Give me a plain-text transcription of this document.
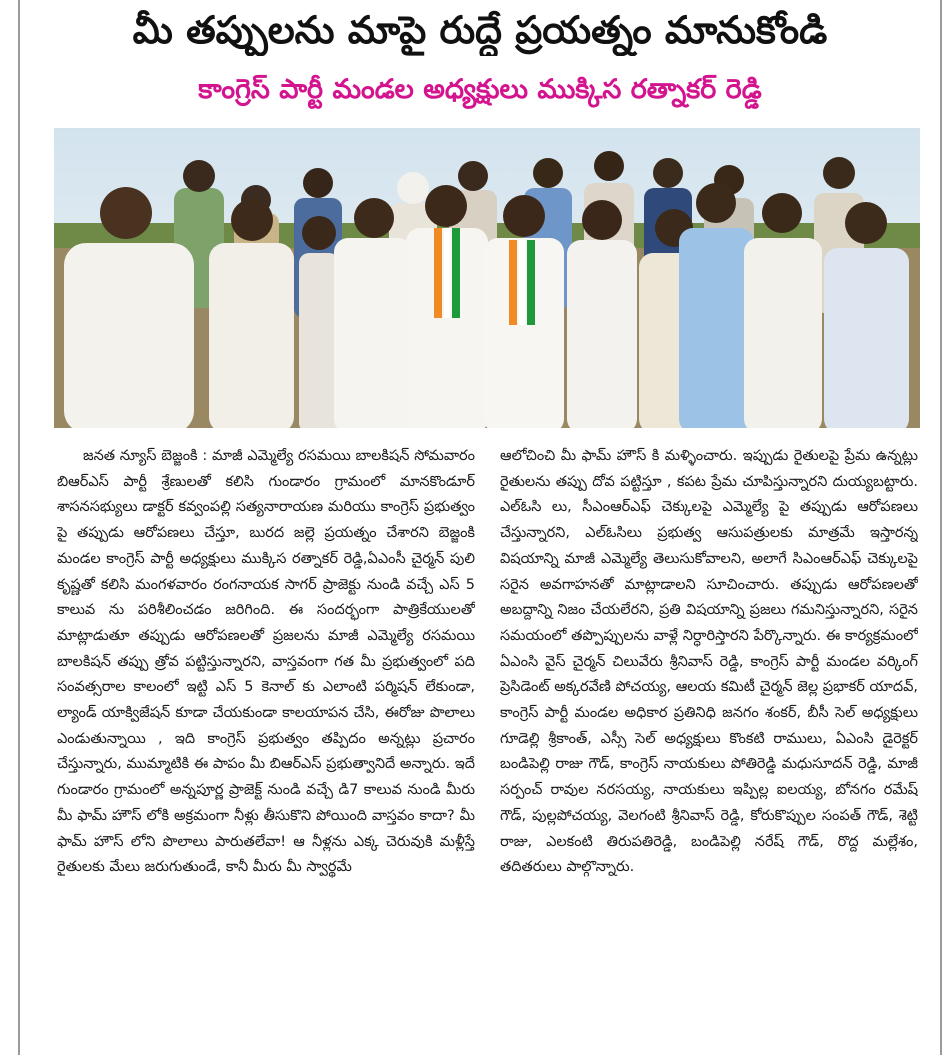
మీ తప్పులను మాపై రుద్దే ప్రయత్నం మానుకోండి
కాంగ్రెస్ పార్టీ మండల అధ్యక్షులు ముక్కిస రత్నాకర్ రెడ్డి

జనత న్యూస్ బెజ్జంకి : మాజీ ఎమ్మెల్యే రసమయి బాలకిషన్ సోమవారం బిఆర్ఎస్ పార్టీ శ్రేణులతో కలిసి గుండారం గ్రామంలో మానకొండూర్ శాసనసభ్యులు డాక్టర్ కవ్వంపల్లి సత్యనారాయణ మరియు కాంగ్రెస్ ప్రభుత్వం పై తప్పుడు ఆరోపణలు చేస్తూ, బురద జల్లె ప్రయత్నం చేశారని బెజ్జంకి మండల కాంగ్రెస్ పార్టీ అధ్యక్షులు ముక్కిస రత్నాకర్ రెడ్డి,ఏఎంసీ చైర్మన్ పులి కృష్ణతో కలిసి మంగళవారం రంగనాయక సాగర్ ప్రాజెక్టు నుండి వచ్చే ఎస్ 5 కాలువ ను పరిశీలించడం జరిగింది. ఈ సందర్భంగా పాత్రికేయులతో మాట్లాడుతూ తప్పుడు ఆరోపణలతో ప్రజలను మాజీ ఎమ్మెల్యే రసమయి బాలకిషన్ తప్పు త్రోవ పట్టిస్తున్నారని, వాస్తవంగా గత మీ ప్రభుత్వంలో పది సంవత్సరాల కాలంలో ఇట్టి ఎస్ 5 కెనాల్ కు ఎలాంటి పర్మిషన్ లేకుండా, ల్యాండ్ యాక్విజేషన్ కూడా చేయకుండా కాలయాపన చేసి, ఈరోజు పొలాలు ఎండుతున్నాయి , ఇది కాంగ్రెస్ ప్రభుత్వం తప్పిదం అన్నట్లు ప్రచారం చేస్తున్నారు, ముమ్మాటికి ఈ పాపం మీ బిఆర్ఎస్ ప్రభుత్వానిదే అన్నారు. ఇదే గుండారం గ్రామంలో అన్నపూర్ణ ప్రాజెక్ట్ నుండి వచ్చే డి7 కాలువ నుండి మీరు మీ ఫామ్ హౌస్ లోకి అక్రమంగా నీళ్లు తీసుకొని పోయింది వాస్తవం కాదా? మీ ఫామ్ హౌస్ లోని పొలాలు పారుతలేవా! ఆ నీళ్లను ఎక్క చెరువుకి మళ్లీస్తే రైతులకు మేలు జరుగుతుండే, కానీ మీరు మీ స్వార్థమే

ఆలోచించి మీ ఫామ్ హౌస్ కి మళ్ళించారు. ఇప్పుడు రైతులపై ప్రేమ ఉన్నట్లు రైతులను తప్పు దోవ పట్టిస్తూ , కపట ప్రేమ చూపిస్తున్నారని దుయ్యబట్టారు. ఎల్ఓసి లు, సీఎంఆర్ఎఫ్ చెక్కులపై ఎమ్మెల్యే పై తప్పుడు ఆరోపణలు చేస్తున్నారని, ఎల్ఓసిలు ప్రభుత్వ ఆసుపత్రులకు మాత్రమే ఇస్తారన్న విషయాన్ని మాజీ ఎమ్మెల్యే తెలుసుకోవాలని, అలాగే సిఎంఆర్ఎఫ్ చెక్కులపై సరైన అవగాహనతో మాట్లాడాలని సూచించారు. తప్పుడు ఆరోపణలతో అబద్దాన్ని నిజం చేయలేరని, ప్రతి విషయాన్ని ప్రజలు గమనిస్తున్నారని, సరైన సమయంలో తప్పొప్పులను వాళ్లే నిర్ధారిస్తారని పేర్కొన్నారు. ఈ కార్యక్రమంలో ఏఎంసి వైస్ చైర్మన్ చిలువేరు శ్రీనివాస్ రెడ్డి, కాంగ్రెస్ పార్టీ మండల వర్కింగ్ ప్రెసిడెంట్ అక్కరవేణి పోచయ్య, ఆలయ కమిటీ చైర్మన్ జెల్ల ప్రభాకర్ యాదవ్, కాంగ్రెస్ పార్టీ మండల అధికార ప్రతినిధి జనగం శంకర్, బీసీ సెల్ అధ్యక్షులు గూడెల్లి శ్రీకాంత్, ఎస్సీ సెల్ అధ్యక్షులు కొంకటి రాములు, ఏఎంసి డైరెక్టర్ బండిపెల్లి రాజు గౌడ్, కాంగ్రెస్ నాయకులు పోతిరెడ్డి మధుసూదన్ రెడ్డి, మాజీ సర్పంచ్ రావుల నరసయ్య, నాయకులు ఇప్పిల్ల ఐలయ్య, బోనగం రమేష్ గౌడ్, పుల్లపోచయ్య, వెలగంటి శ్రీనివాస్ రెడ్డి, కోరుకొప్పుల సంపత్ గౌడ్, శెట్టి రాజు, ఎలకంటి తిరుపతిరెడ్డి, బండిపెల్లి నరేష్ గౌడ్, రొద్ద మల్లేశం, తదితరులు పాల్గొన్నారు.
